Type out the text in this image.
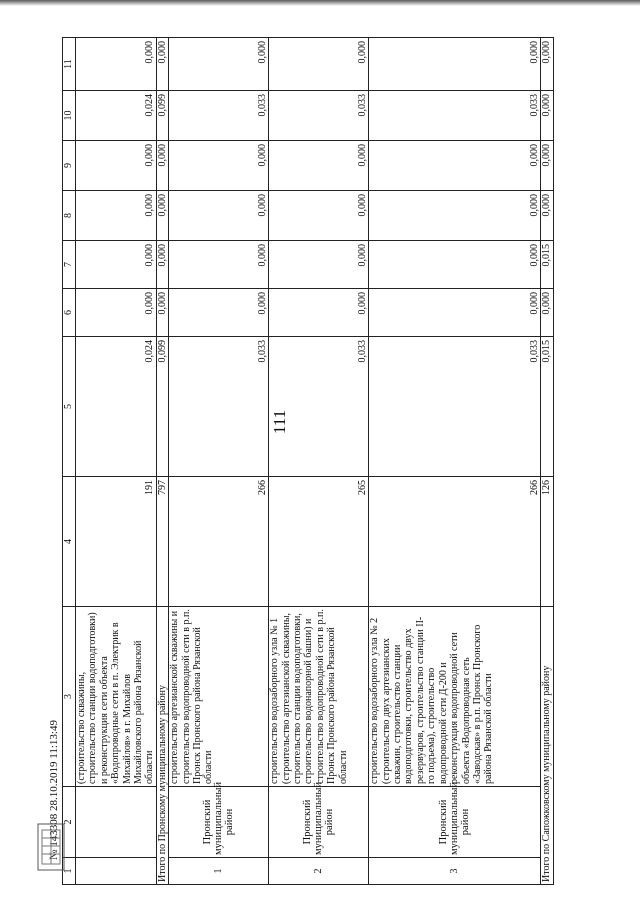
111
1	2	3	4	5	6	7	8	9	10	11
		(строительство скважины, строительство станции водоподготовки) и реконструкция сети объекта «Водопроводные сети в п. Электрик в Михайлов» в г. Михайлов Михайловского района Рязанской области	191	0,024	0,000	0,000	0,000	0,000	0,024	0,000
Итого по Пронскому муниципальному району			797	0,099	0,000	0,000	0,000	0,000	0,099	0,000
1	Пронский муниципальный район	строительство артезианской скважины и строительство водопроводной сети в р.п. Пронск Пронского района Рязанской области	266	0,033	0,000	0,000	0,000	0,000	0,033	0,000
2	Пронский муниципальный район	строительство водозаборного узла № 1 (строительство артезианской скважины, строительство станции водоподготовки, строительство водонапорной башни) и строительство водопроводной сети в р.п. Пронск Пронского района Рязанской области	265	0,033	0,000	0,000	0,000	0,000	0,033	0,000
3	Пронский муниципальный район	строительство водозаборного узла № 2 (строительство двух артезианских скважин, строительство станции водоподготовки, строительство двух резервуаров, строительство станции II-го подъема), строительство водопроводной сети Д-200 и реконструкция водопроводной сети объекта «Водопроводная сеть «Заводская» в р.п. Пронск Пронского района Рязанской области	266	0,033	0,000	0,000	0,000	0,000	0,033	0,000
Итого по Сапожковскому муниципальному району			126	0,015	0,000	0,015	0,000	0,000	0,000	0,000
№ 143308 28.10.2019 11:13:49
